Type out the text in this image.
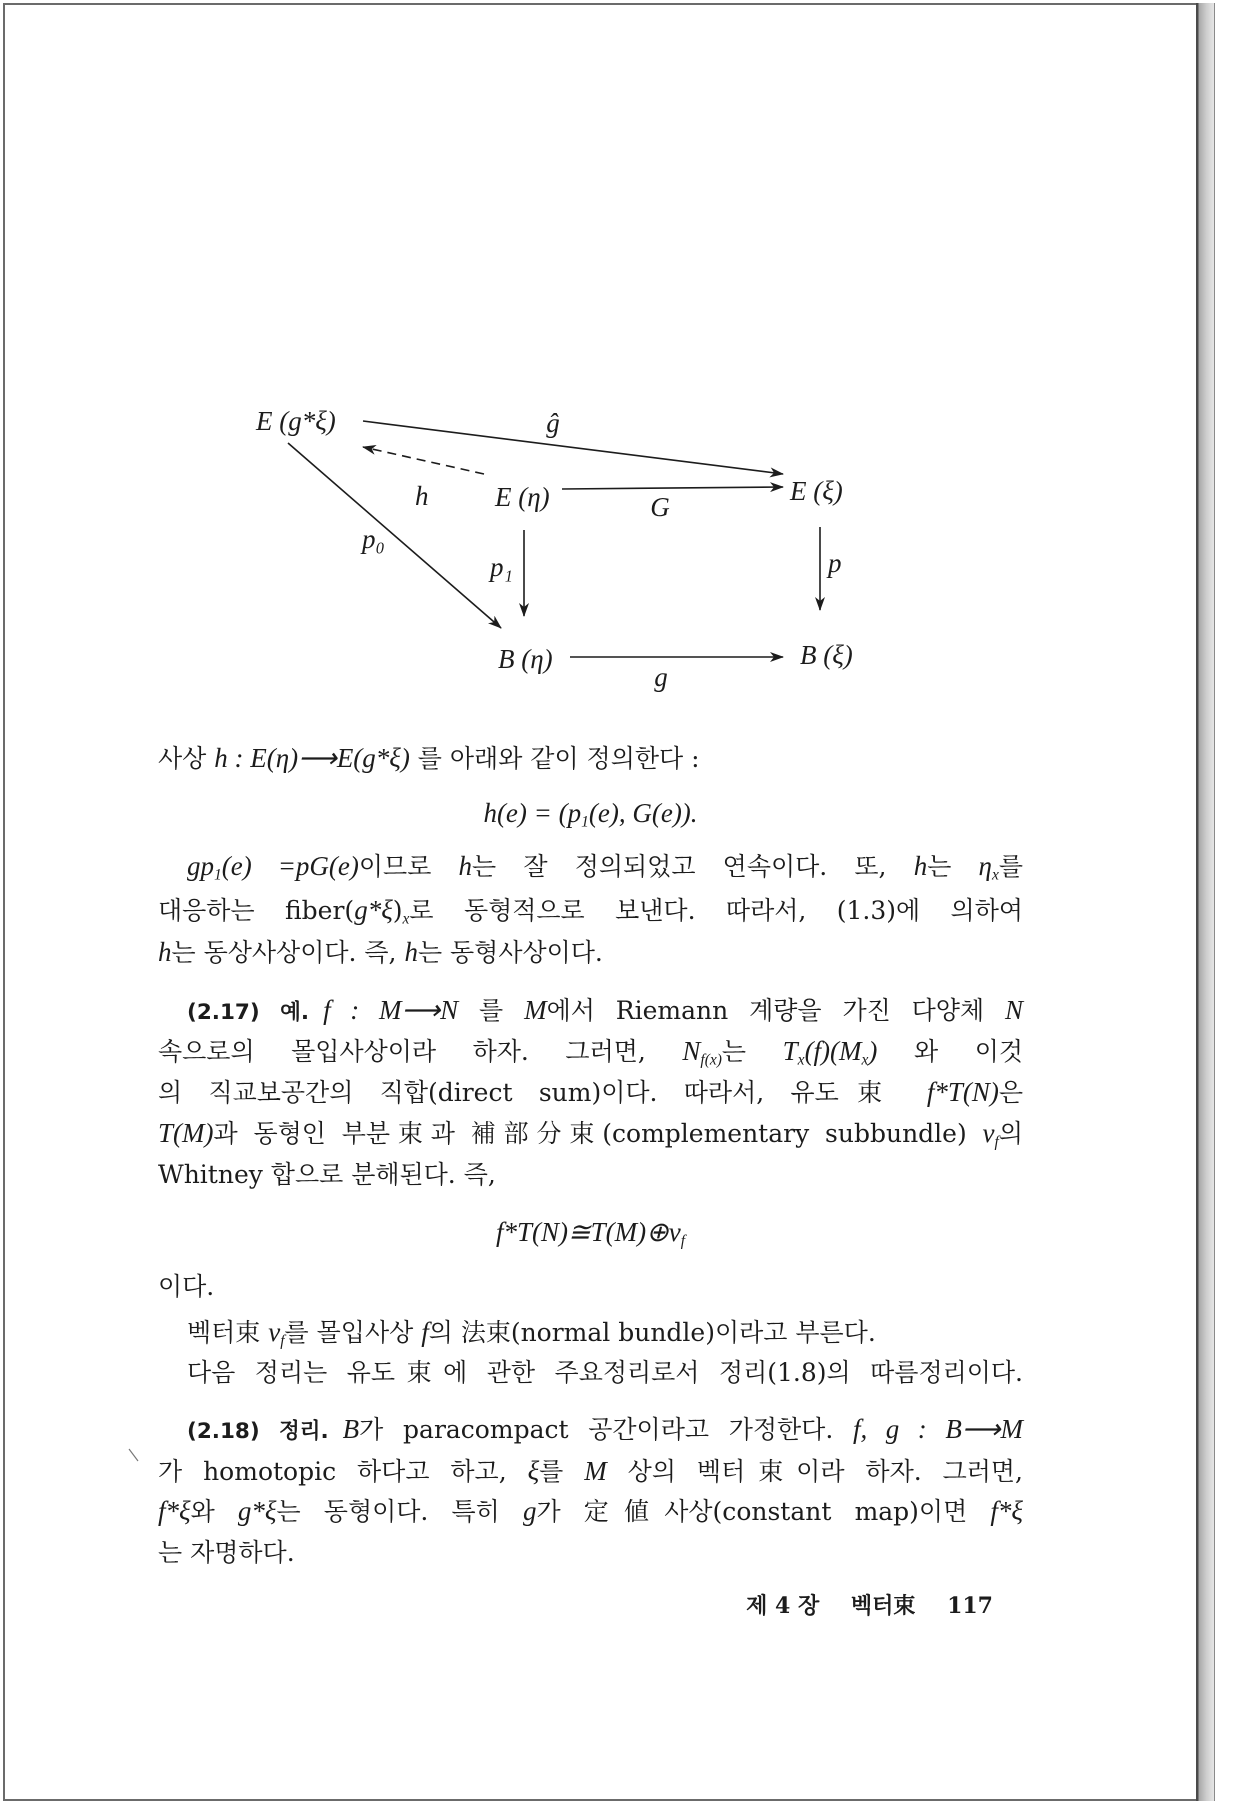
E (g*ξ)	ĝ
E (ξ)
h E (η)	G
p₀
p₁	p
B (η)	B (ξ)
g
사상 h : E(η)⟶E(g*ξ) 를 아래와 같이 정의한다 :
$h(e) = (p_1(e)$, G(e)).
$gp_1(e) =pG(e)$이므로 h는 잘 정의되었고 연속이다. 또, h는 $\eta_x$를
대응하는 $fiber(g*\xi)_x$로 동형적으로 보낸다. 따라서, (1.3)에 의하여
h는 동상사상이다. 즉, h는 동형사상이다.
(2.17) 예. f : M⟶N 를 M에서 Riemann 계량을 가진 다양체 N
속으로의 몰입사상이라 하자. 그러면, $N_{f(x)}$는 $T_x(f)(M_x)$ 와 이것
의 직교보공간의 직합(direct sum)이다. 따라서, 유도束 f*T(N)은
T(M)과 동형인 부분束과 補部分束(complementary subbundle) $\nu_f$의
Whitney 합으로 분해된다. 즉,
$f*T(N)≅T(M)\oplus\nu_f$
이다.
벡터束 $\nu_f$를 몰입사상 f의 法束(normal bundle)이라고 부른다.
다음 정리는 유도束에 관한 주요정리로서 정리(1.8)의 따름정리이다.
(2.18) 정리. B가 paracompact 공간이라고 가정한다. f, g : B⟶M
가 homotopic 하다고 하고, ξ를 M 상의 벡터束이라 하자. 그러면,
f*ξ와 g*ξ는 동형이다. 특히 g가 定値사상(constant map)이면 f*ξ
는 자명하다.
제 4 장 벡터束 117
